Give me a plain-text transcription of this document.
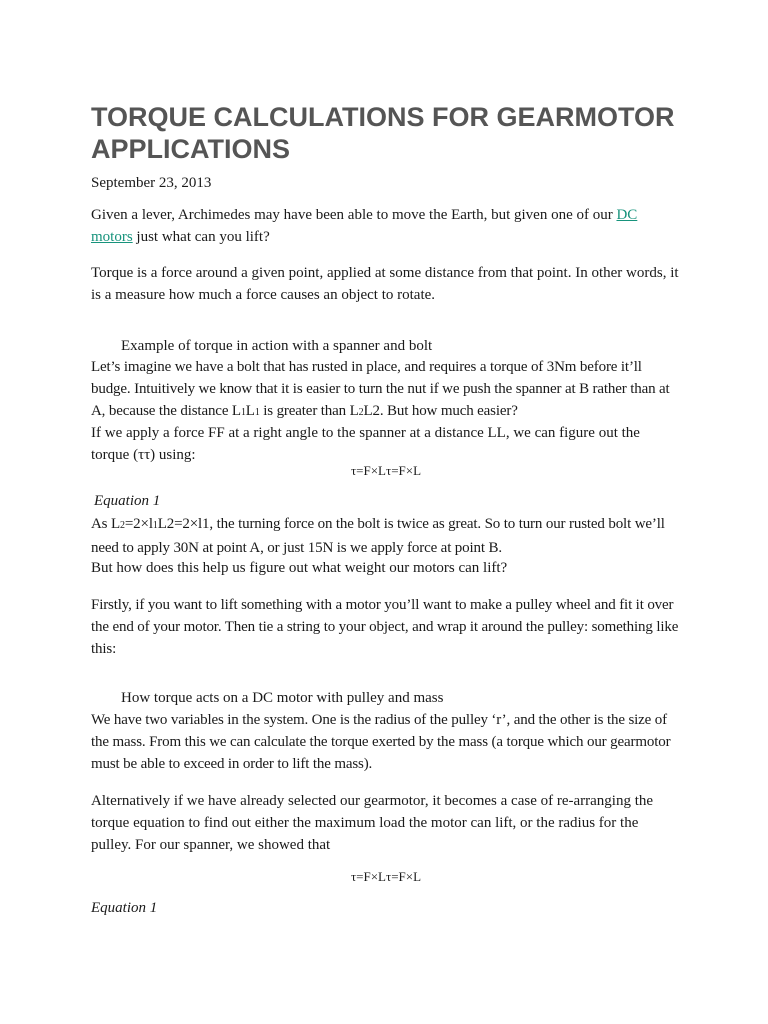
TORQUE CALCULATIONS FOR GEARMOTOR APPLICATIONS
September 23, 2013
Given a lever, Archimedes may have been able to move the Earth, but given one of our DC motors just what can you lift?
Torque is a force around a given point, applied at some distance from that point. In other words, it is a measure how much a force causes an object to rotate.
Example of torque in action with a spanner and bolt
Let’s imagine we have a bolt that has rusted in place, and requires a torque of 3Nm before it’ll budge. Intuitively we know that it is easier to turn the nut if we push the spanner at B rather than at A, because the distance L1L1 is greater than L2L2. But how much easier?
If we apply a force FF at a right angle to the spanner at a distance LL, we can figure out the torque (ττ) using:
τ=F×Lτ=F×L
Equation 1
As L2=2×l1L2=2×l1, the turning force on the bolt is twice as great. So to turn our rusted bolt we’ll need to apply 30N at point A, or just 15N is we apply force at point B.
But how does this help us figure out what weight our motors can lift?
Firstly, if you want to lift something with a motor you’ll want to make a pulley wheel and fit it over the end of your motor. Then tie a string to your object, and wrap it around the pulley: something like this:
How torque acts on a DC motor with pulley and mass
We have two variables in the system. One is the radius of the pulley ‘r’, and the other is the size of the mass. From this we can calculate the torque exerted by the mass (a torque which our gearmotor must be able to exceed in order to lift the mass).
Alternatively if we have already selected our gearmotor, it becomes a case of re-arranging the torque equation to find out either the maximum load the motor can lift, or the radius for the pulley. For our spanner, we showed that
τ=F×Lτ=F×L
Equation 1
